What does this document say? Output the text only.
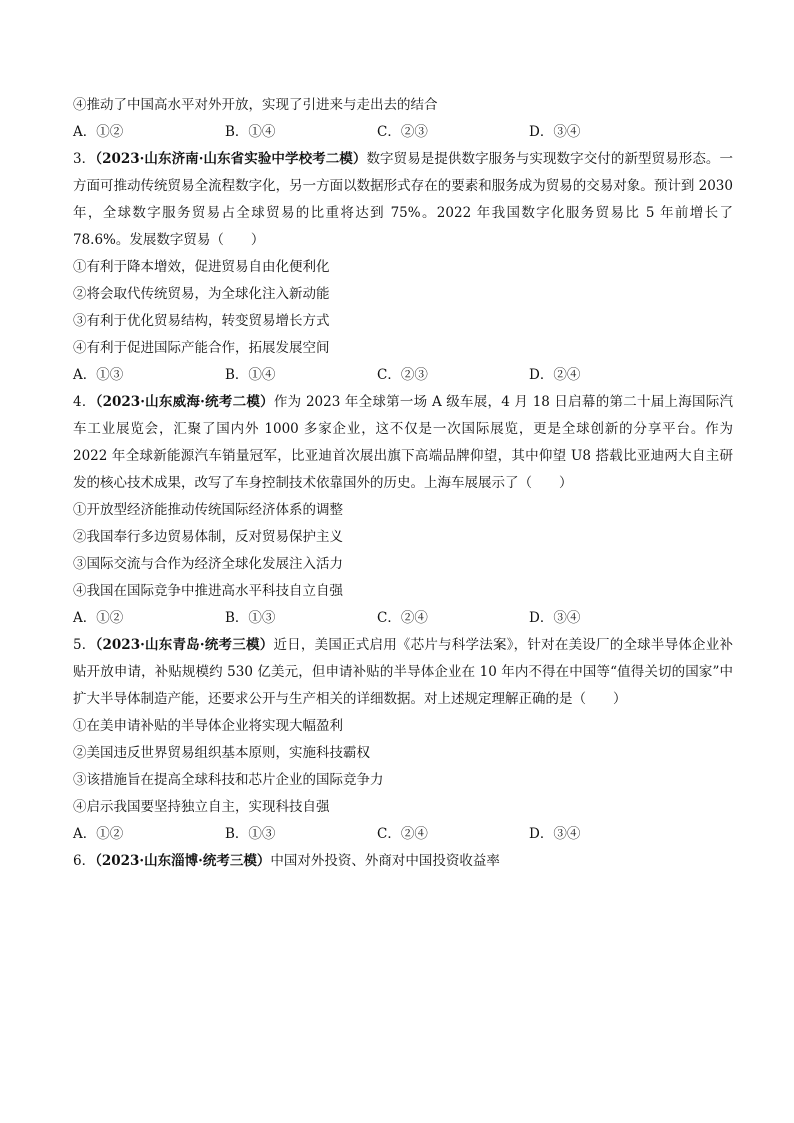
④推动了中国高水平对外开放，实现了引进来与走出去的结合
A．①②	B．①④	C．②③	D．③④
3．（2023·山东济南·山东省实验中学校考二模）数字贸易是提供数字服务与实现数字交付的新型贸易形态。一方面可推动传统贸易全流程数字化，另一方面以数据形式存在的要素和服务成为贸易的交易对象。预计到 2030 年，全球数字服务贸易占全球贸易的比重将达到 75%。2022 年我国数字化服务贸易比 5 年前增长了 78.6%。发展数字贸易（　　）
①有利于降本增效，促进贸易自由化便利化
②将会取代传统贸易，为全球化注入新动能
③有利于优化贸易结构，转变贸易增长方式
④有利于促进国际产能合作，拓展发展空间
A．①③	B．①④	C．②③	D．②④
4．（2023·山东威海·统考二模）作为 2023 年全球第一场 A 级车展，4 月 18 日启幕的第二十届上海国际汽车工业展览会，汇聚了国内外 1000 多家企业，这不仅是一次国际展览，更是全球创新的分享平台。作为 2022 年全球新能源汽车销量冠军，比亚迪首次展出旗下高端品牌仰望，其中仰望 U8 搭载比亚迪两大自主研发的核心技术成果，改写了车身控制技术依靠国外的历史。上海车展展示了（　　）
①开放型经济能推动传统国际经济体系的调整
②我国奉行多边贸易体制，反对贸易保护主义
③国际交流与合作为经济全球化发展注入活力
④我国在国际竞争中推进高水平科技自立自强
A．①②	B．①③	C．②④	D．③④
5．（2023·山东青岛·统考三模）近日，美国正式启用《芯片与科学法案》，针对在美设厂的全球半导体企业补贴开放申请，补贴规模约 530 亿美元，但申请补贴的半导体企业在 10 年内不得在中国等“值得关切的国家”中扩大半导体制造产能，还要求公开与生产相关的详细数据。对上述规定理解正确的是（　　）
①在美申请补贴的半导体企业将实现大幅盈利
②美国违反世界贸易组织基本原则，实施科技霸权
③该措施旨在提高全球科技和芯片企业的国际竞争力
④启示我国要坚持独立自主，实现科技自强
A．①②	B．①③	C．②④	D．③④
6．（2023·山东淄博·统考三模）中国对外投资、外商对中国投资收益率
